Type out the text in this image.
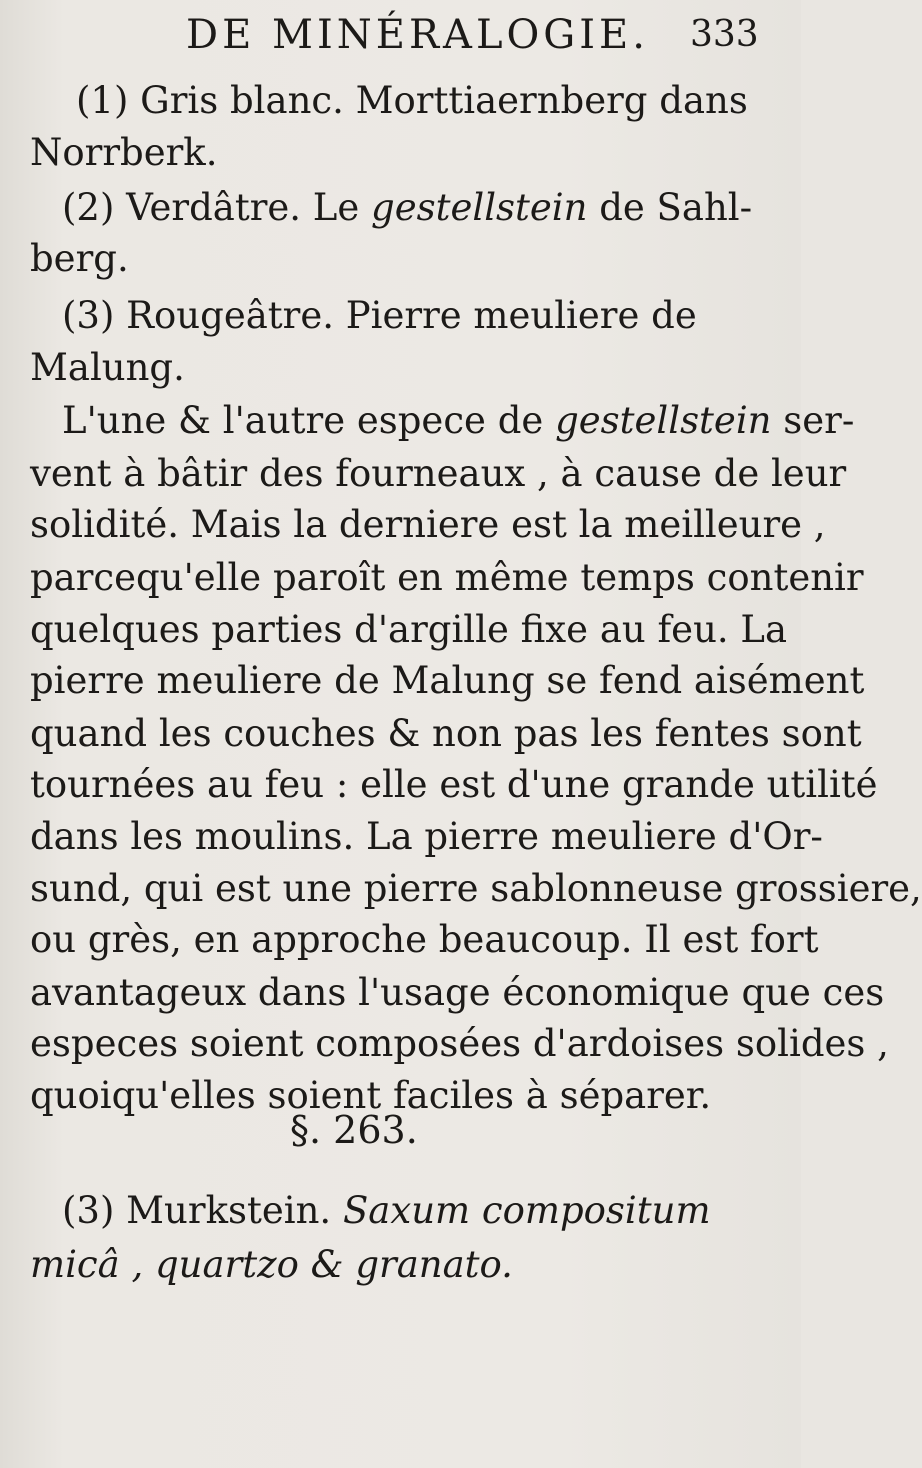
DE MINÉRALOGIE. 333
(1) Gris blanc. Morttiaernberg dans
Norrberk.
(2) Verdâtre. Le gestellstein de Sahl-
berg.
(3) Rougeâtre. Pierre meuliere de
Malung.
L'une & l'autre espece de gestellstein ser-
vent à bâtir des fourneaux , à cause de leur
solidité. Mais la derniere est la meilleure ,
parcequ'elle paroît en même temps contenir
quelques parties d'argille fixe au feu. La
pierre meuliere de Malung se fend aisément
quand les couches & non pas les fentes sont
tournées au feu : elle est d'une grande utilité
dans les moulins. La pierre meuliere d'Or-
sund, qui est une pierre sablonneuse grossiere,
ou grès, en approche beaucoup. Il est fort
avantageux dans l'usage économique que ces
especes soient composées d'ardoises solides ,
quoiqu'elles soient faciles à séparer.
§. 263.
(3) Murkstein. Saxum compositum
micâ , quartzo & granato.
